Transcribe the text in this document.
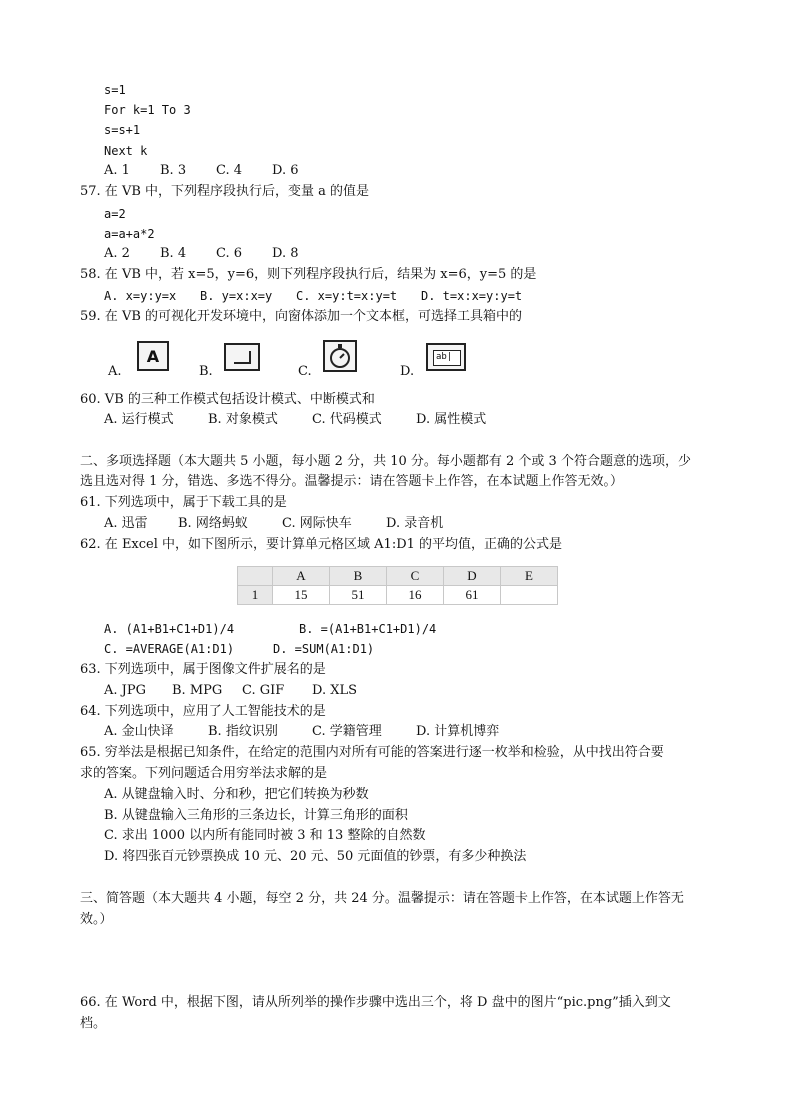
s=1
For k=1 To 3
s=s+1
Next k
A. 1 B. 3 C. 4 D. 6
57. 在 VB 中，下列程序段执行后，变量 a 的值是
a=2
a=a+a*2
A. 2 B. 4 C. 6 D. 8
58. 在 VB 中，若 x=5，y=6，则下列程序段执行后，结果为 x=6，y=5 的是
A. x=y:y=x B. y=x:x=y C. x=y:t=x:y=t D. t=x:x=y:y=t
59. 在 VB 的可视化开发环境中，向窗体添加一个文本框，可选择工具箱中的
A.
A
B.	C.	D.
ab|
60. VB 的三种工作模式包括设计模式、中断模式和
A. 运行模式	B. 对象模式	C. 代码模式	D. 属性模式
二、多项选择题（本大题共 5 小题，每小题 2 分，共 10 分。每小题都有 2 个或 3 个符合题意的选项，少
选且选对得 1 分，错选、多选不得分。温馨提示：请在答题卡上作答，在本试题上作答无效。）
61. 下列选项中，属于下载工具的是
A. 迅雷 B. 网络蚂蚁	C. 网际快车	D. 录音机
62. 在 Excel 中，如下图所示，要计算单元格区域 A1:D1 的平均值，正确的公式是
	A	B	C	D	E
1	15	51	16	61	
A. (A1+B1+C1+D1)/4	B. =(A1+B1+C1+D1)/4
C. =AVERAGE(A1:D1)	D. =SUM(A1:D1)
63. 下列选项中，属于图像文件扩展名的是
A. JPG B. MPG C. GIF D. XLS
64. 下列选项中，应用了人工智能技术的是
A. 金山快译	B. 指纹识别	C. 学籍管理	D. 计算机博弈
65. 穷举法是根据已知条件，在给定的范围内对所有可能的答案进行逐一枚举和检验，从中找出符合要
求的答案。下列问题适合用穷举法求解的是
A. 从键盘输入时、分和秒，把它们转换为秒数
B. 从键盘输入三角形的三条边长，计算三角形的面积
C. 求出 1000 以内所有能同时被 3 和 13 整除的自然数
D. 将四张百元钞票换成 10 元、20 元、50 元面值的钞票，有多少种换法
三、简答题（本大题共 4 小题，每空 2 分，共 24 分。温馨提示：请在答题卡上作答，在本试题上作答无
效。）
66. 在 Word 中，根据下图，请从所列举的操作步骤中选出三个，将 D 盘中的图片“pic.png”插入到文
档。
